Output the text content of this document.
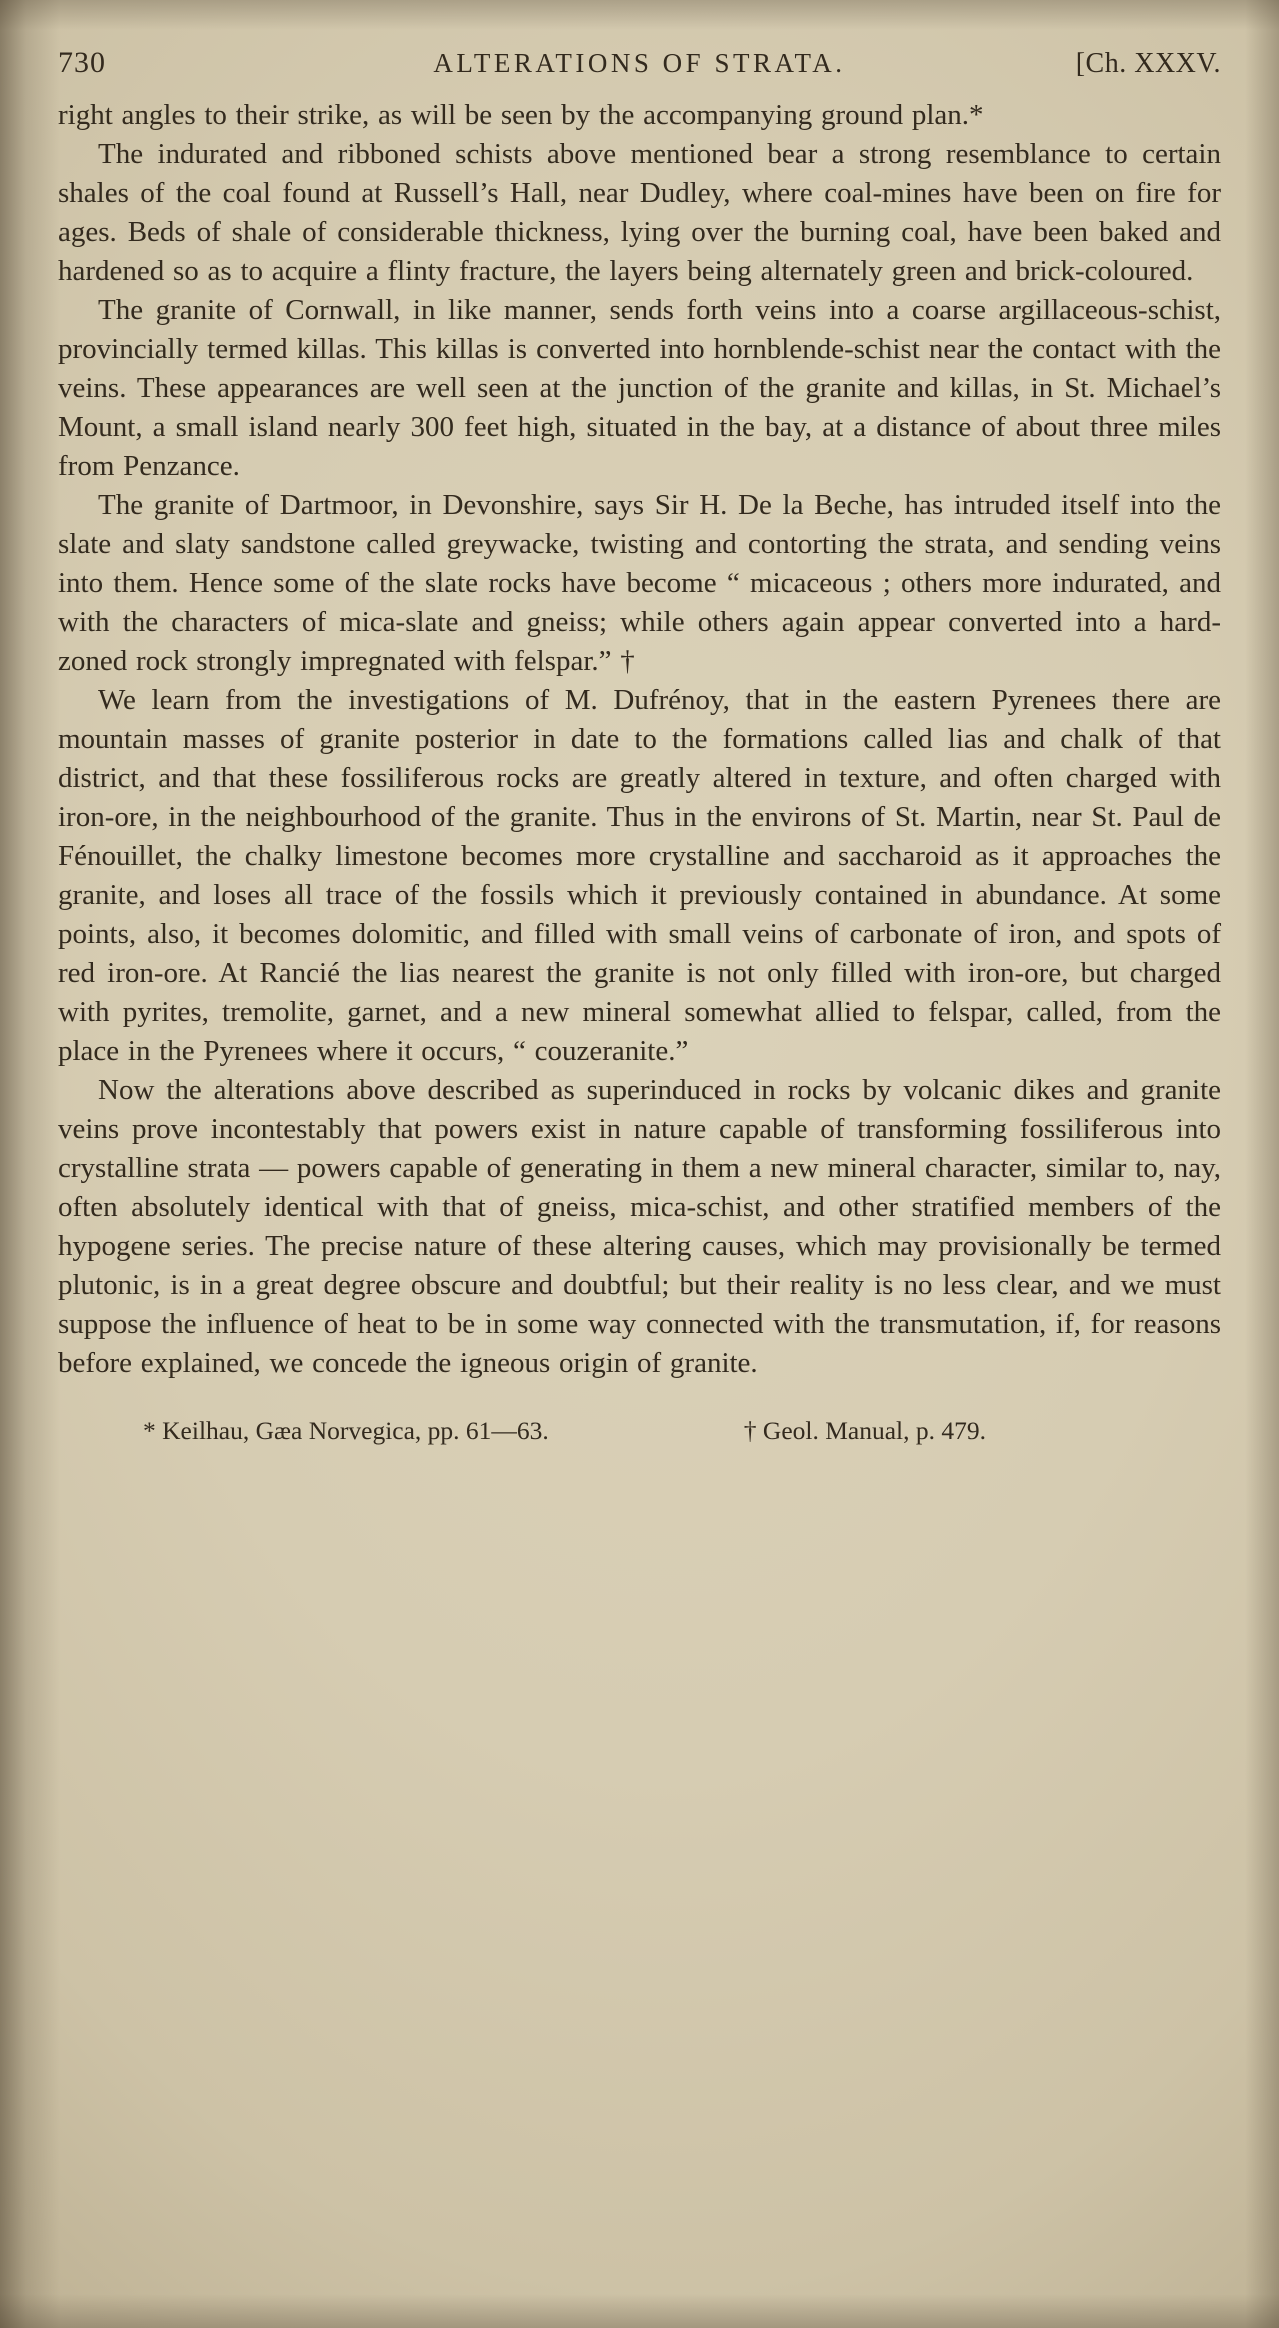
730	ALTERATIONS OF STRATA.	[Ch. XXXV.

right angles to their strike, as will be seen by the accompanying ground plan.*

The indurated and ribboned schists above mentioned bear a strong resemblance to certain shales of the coal found at Russell’s Hall, near Dudley, where coal-mines have been on fire for ages. Beds of shale of considerable thickness, lying over the burning coal, have been baked and hardened so as to acquire a flinty fracture, the layers being alternately green and brick-coloured.

The granite of Cornwall, in like manner, sends forth veins into a coarse argillaceous-schist, provincially termed killas. This killas is converted into hornblende-schist near the contact with the veins. These appearances are well seen at the junction of the granite and killas, in St. Michael’s Mount, a small island nearly 300 feet high, situated in the bay, at a distance of about three miles from Penzance.

The granite of Dartmoor, in Devonshire, says Sir H. De la Beche, has intruded itself into the slate and slaty sandstone called greywacke, twisting and contorting the strata, and sending veins into them. Hence some of the slate rocks have become “ micaceous ; others more indurated, and with the characters of mica-slate and gneiss; while others again appear converted into a hard-zoned rock strongly impregnated with felspar.” †

We learn from the investigations of M. Dufrénoy, that in the eastern Pyrenees there are mountain masses of granite posterior in date to the formations called lias and chalk of that district, and that these fossiliferous rocks are greatly altered in texture, and often charged with iron-ore, in the neighbourhood of the granite. Thus in the environs of St. Martin, near St. Paul de Fénouillet, the chalky limestone becomes more crystalline and saccharoid as it approaches the granite, and loses all trace of the fossils which it previously contained in abundance. At some points, also, it becomes dolomitic, and filled with small veins of carbonate of iron, and spots of red iron-ore. At Rancié the lias nearest the granite is not only filled with iron-ore, but charged with pyrites, tremolite, garnet, and a new mineral somewhat allied to felspar, called, from the place in the Pyrenees where it occurs, “ couzeranite.”

Now the alterations above described as superinduced in rocks by volcanic dikes and granite veins prove incontestably that powers exist in nature capable of transforming fossiliferous into crystalline strata — powers capable of generating in them a new mineral character, similar to, nay, often absolutely identical with that of gneiss, mica-schist, and other stratified members of the hypogene series. The precise nature of these altering causes, which may provisionally be termed plutonic, is in a great degree obscure and doubtful; but their reality is no less clear, and we must suppose the influence of heat to be in some way connected with the transmutation, if, for reasons before explained, we concede the igneous origin of granite.

* Keilhau, Gæa Norvegica, pp. 61—63.	† Geol. Manual, p. 479.
